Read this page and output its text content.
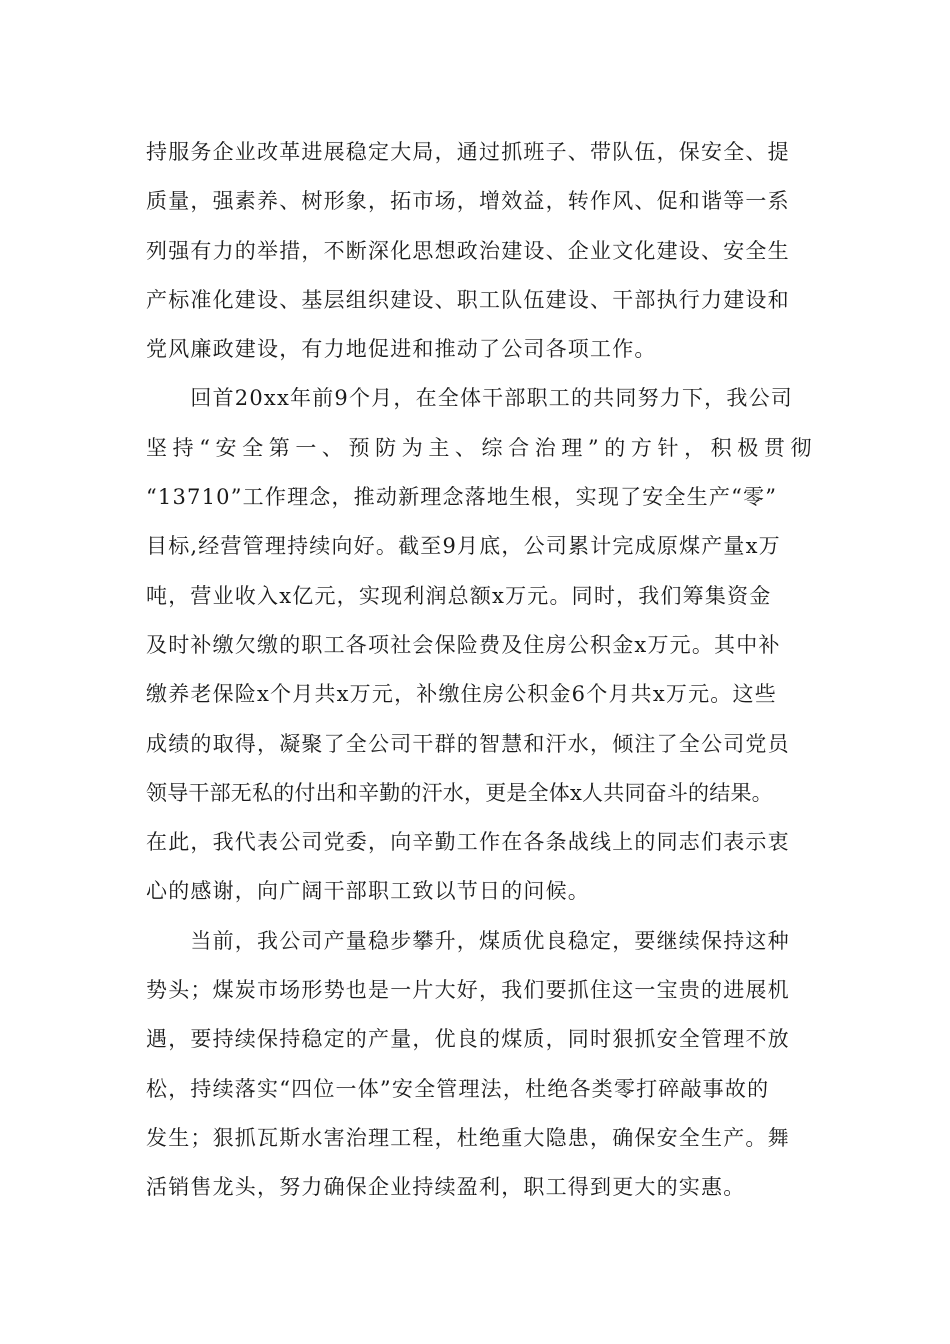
持服务企业改革进展稳定大局，通过抓班子、带队伍，保安全、提
质量，强素养、树形象，拓市场，增效益，转作风、促和谐等一系
列强有力的举措，不断深化思想政治建设、企业文化建设、安全生
产标准化建设、基层组织建设、职工队伍建设、干部执行力建设和
党风廉政建设，有力地促进和推动了公司各项工作。
　　回首20xx年前9个月，在全体干部职工的共同努力下，我公司
坚持“安全第一、预防为主、综合治理”的方针，积极贯彻
“13710”工作理念，推动新理念落地生根，实现了安全生产“零”
目标,经营管理持续向好。截至9月底，公司累计完成原煤产量x万
吨，营业收入x亿元，实现利润总额x万元。同时，我们筹集资金
及时补缴欠缴的职工各项社会保险费及住房公积金x万元。其中补
缴养老保险x个月共x万元，补缴住房公积金6个月共x万元。这些
成绩的取得，凝聚了全公司干群的智慧和汗水，倾注了全公司党员
领导干部无私的付出和辛勤的汗水，更是全体x人共同奋斗的结果。
在此，我代表公司党委，向辛勤工作在各条战线上的同志们表示衷
心的感谢，向广阔干部职工致以节日的问候。
　　当前，我公司产量稳步攀升，煤质优良稳定，要继续保持这种
势头；煤炭市场形势也是一片大好，我们要抓住这一宝贵的进展机
遇，要持续保持稳定的产量，优良的煤质，同时狠抓安全管理不放
松，持续落实“四位一体”安全管理法，杜绝各类零打碎敲事故的
发生；狠抓瓦斯水害治理工程，杜绝重大隐患，确保安全生产。舞
活销售龙头，努力确保企业持续盈利，职工得到更大的实惠。
